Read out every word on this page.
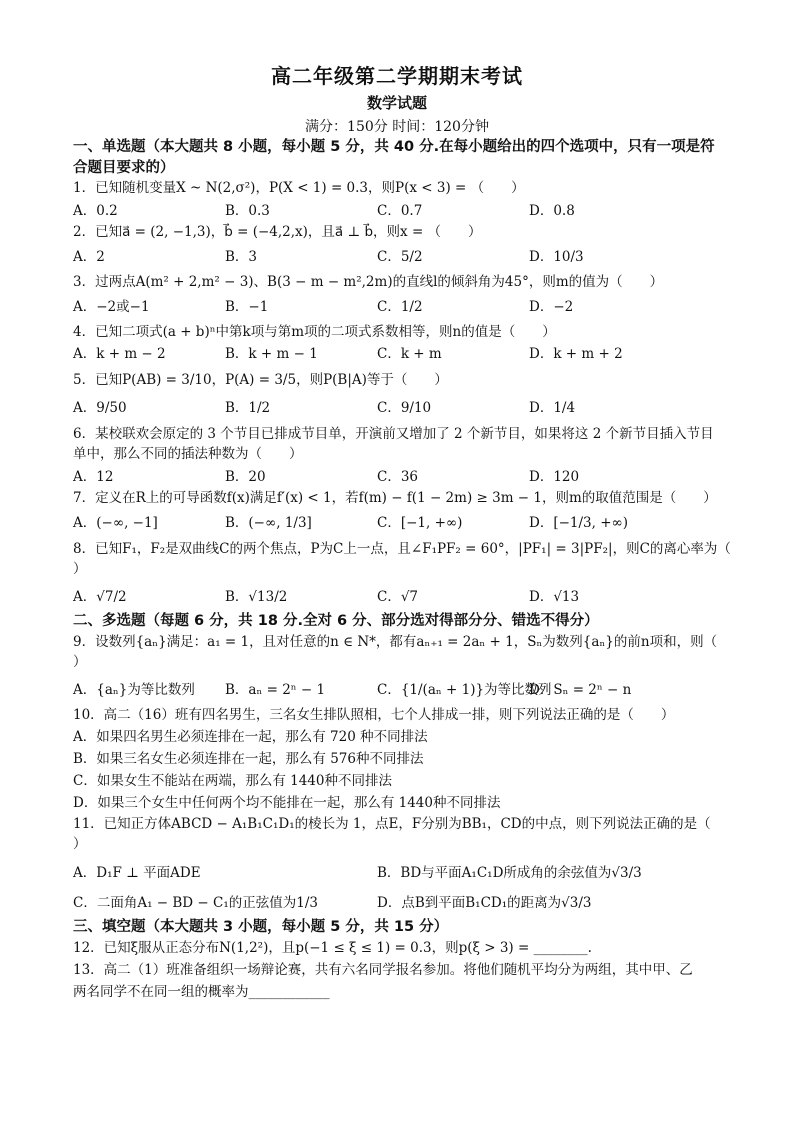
高二年级第二学期期末考试
数学试题
满分：150分 时间：120分钟
一、单选题（本大题共 8 小题，每小题 5 分，共 40 分.在每小题给出的四个选项中，只有一项是符合题目要求的）
1．已知随机变量X ~ N(2,σ²)，P(X < 1) = 0.3，则P(x < 3) = （　　）
A．0.2	B．0.3	C．0.7	D．0.8
2．已知a⃗ = (2, −1,3)，b⃗ = (−4,2,x)，且a⃗ ⊥ b⃗，则x = （　　）
A．2	B．3	C．5/2	D．10/3
3．过两点A(m² + 2,m² − 3)、B(3 − m − m²,2m)的直线l的倾斜角为45°，则m的值为（　　）
A．−2或−1	B．−1	C．1/2	D．−2
4．已知二项式(a + b)ⁿ中第k项与第m项的二项式系数相等，则n的值是（　　）
A．k + m − 2	B．k + m − 1	C．k + m	D．k + m + 2
5．已知P(AB) = 3/10，P(A) = 3/5，则P(B|A)等于（　　）
A．9/50	B．1/2	C．9/10	D．1/4
6．某校联欢会原定的 3 个节目已排成节目单，开演前又增加了 2 个新节目，如果将这 2 个新节目插入节目
单中，那么不同的插法种数为（　　）
A．12	B．20	C．36	D．120
7．定义在R上的可导函数f(x)满足f′(x) < 1，若f(m) − f(1 − 2m) ≥ 3m − 1，则m的取值范围是（　　）
A．(−∞, −1]	B．(−∞, 1/3]	C．[−1, +∞)	D．[−1/3, +∞)
8．已知F₁，F₂是双曲线C的两个焦点，P为C上一点，且∠F₁PF₂ = 60°，|PF₁| = 3|PF₂|，则C的离心率为（
）
A．√7/2	B．√13/2	C．√7	D．√13
二、多选题（每题 6 分，共 18 分.全对 6 分、部分选对得部分分、错选不得分）
9．设数列{aₙ}满足：a₁ = 1，且对任意的n ∈ N*，都有aₙ₊₁ = 2aₙ + 1，Sₙ为数列{aₙ}的前n项和，则（
）
A．{aₙ}为等比数列 B．aₙ = 2ⁿ − 1	C．{1/(aₙ + 1)}为等比数列
D．Sₙ = 2ⁿ − n
10．高二（16）班有四名男生，三名女生排队照相，七个人排成一排，则下列说法正确的是（　　）
A．如果四名男生必须连排在一起，那么有 720 种不同排法
B．如果三名女生必须连排在一起，那么有 576种不同排法
C．如果女生不能站在两端，那么有 1440种不同排法
D．如果三个女生中任何两个均不能排在一起，那么有 1440种不同排法
11．已知正方体ABCD − A₁B₁C₁D₁的棱长为 1，点E，F分别为BB₁，CD的中点，则下列说法正确的是（
）
A．D₁F ⊥ 平面ADE	B．BD与平面A₁C₁D所成角的余弦值为√3/3
C．二面角A₁ − BD − C₁的正弦值为1/3	D．点B到平面B₁CD₁的距离为√3/3
三、填空题（本大题共 3 小题，每小题 5 分，共 15 分）
12．已知ξ服从正态分布N(1,2²)，且p(−1 ≤ ξ ≤ 1) = 0.3，则p(ξ > 3) = ________.
13．高二（1）班准备组织一场辩论赛，共有六名同学报名参加。将他们随机平均分为两组，其中甲、乙
两名同学不在同一组的概率为____________
